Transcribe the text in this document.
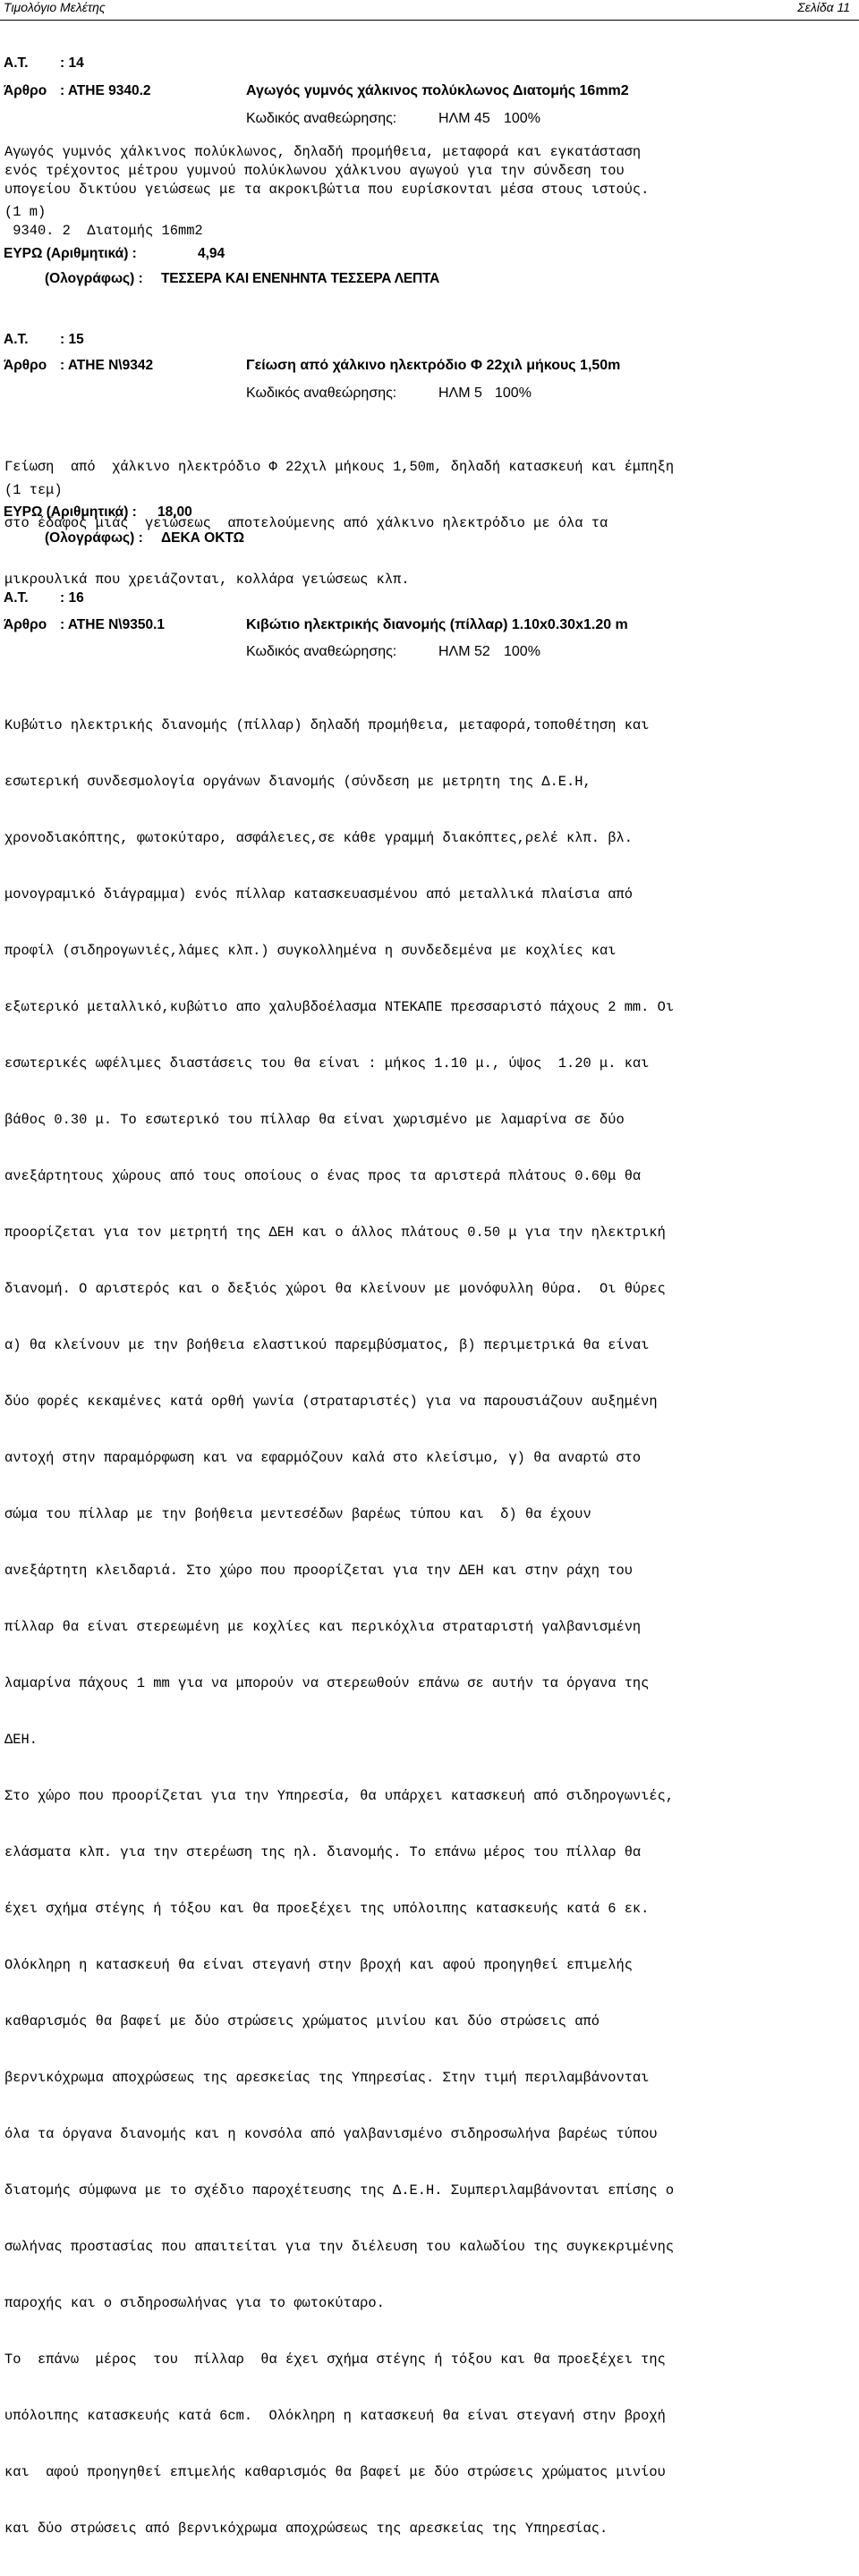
Τιμολόγιο Μελέτης	Σελίδα 11
Α.Τ. : 14
Άρθρο : ΑΤΗΕ 9340.2	Αγωγός γυμνός χάλκινος πολύκλωνος Διατομής 16mm2
Κωδικός αναθεώρησης:	ΗΛΜ 45 100%
Αγωγός γυμνός χάλκινος πολύκλωνος, δηλαδή προμήθεια, μεταφορά και εγκατάσταση
ενός τρέχοντος μέτρου γυμνού πολύκλωνου χάλκινου αγωγού για την σύνδεση του
υπογείου δικτύου γειώσεως με τα ακροκιβώτια που ευρίσκονται μέσα στους ιστούς.
(1 m)
9340. 2  Διατομής 16mm2
ΕΥΡΩ (Αριθμητικά) :	4,94
(Ολογράφως) : ΤΕΣΣΕΡΑ ΚΑΙ ΕΝΕΝΗΝΤΑ ΤΕΣΣΕΡΑ ΛΕΠΤΑ
Α.Τ. : 15
Άρθρο : ΑΤΗΕ Ν\9342	Γείωση από χάλκινο ηλεκτρόδιο Φ 22χιλ μήκους 1,50m
Κωδικός αναθεώρησης:	ΗΛΜ 5 100%

Γείωση  από  χάλκινο ηλεκτρόδιο Φ 22χιλ μήκους 1,50m, δηλαδή κατασκευή και έμπηξη

στο έδαφος μιάς  γειώσεως  αποτελούμενης από χάλκινο ηλεκτρόδιο με όλα τα

μικρουλικά που χρειάζονται, κολλάρα γειώσεως κλπ.

(1 τεμ)
ΕΥΡΩ (Αριθμητικά) : 18,00
(Ολογράφως) : ΔΕΚΑ ΟΚΤΩ
Α.Τ. : 16
Άρθρο : ΑΤΗΕ Ν\9350.1	Κιβώτιο ηλεκτρικής διανομής (πίλλαρ) 1.10x0.30x1.20 m
Κωδικός αναθεώρησης:	ΗΛΜ 52 100%

Κυβώτιο ηλεκτρικής διανομής (πίλλαρ) δηλαδή προμήθεια, μεταφορά,τοποθέτηση και

εσωτερική συνδεσμολογία οργάνων διανομής (σύνδεση με μετρητη της Δ.Ε.Η,

χρονοδιακόπτης, φωτοκύταρο, ασφάλειες,σε κάθε γραμμή διακόπτες,ρελέ κλπ. βλ.

μονογραμικό διάγραμμα) ενός πίλλαρ κατασκευασμένου από μεταλλικά πλαίσια από

προφίλ (σιδηρογωνιές,λάμες κλπ.) συγκολλημένα η συνδεδεμένα με κοχλίες και

εξωτερικό μεταλλικό,κυβώτιο απο χαλυβδοέλασμα ΝΤΕΚΑΠΕ πρεσσαριστό πάχους 2 mm. Οι

εσωτερικές ωφέλιμες διαστάσεις του θα είναι : μήκος 1.10 μ., ύψος  1.20 μ. και

βάθος 0.30 μ. Το εσωτερικό του πίλλαρ θα είναι χωρισμένο με λαμαρίνα σε δύο

ανεξάρτητους χώρους από τους οποίους ο ένας προς τα αριστερά πλάτους 0.60μ θα

προορίζεται για τον μετρητή της ΔΕΗ και ο άλλος πλάτους 0.50 μ για την ηλεκτρική

διανομή. Ο αριστερός και ο δεξιός χώροι θα κλείνουν με μονόφυλλη θύρα.  Οι θύρες

α) θα κλείνουν με την βοήθεια ελαστικού παρεμβύσματος, β) περιμετρικά θα είναι

δύο φορές κεκαμένες κατά ορθή γωνία (στραταριστές) για να παρουσιάζουν αυξημένη

αντοχή στην παραμόρφωση και να εφαρμόζουν καλά στο κλείσιμο, γ) θα αναρτώ στο

σώμα του πίλλαρ με την βοήθεια μεντεσέδων βαρέως τύπου και  δ) θα έχουν

ανεξάρτητη κλειδαριά. Στο χώρο που προορίζεται για την ΔΕΗ και στην ράχη του

πίλλαρ θα είναι στερεωμένη με κοχλίες και περικόχλια στραταριστή γαλβανισμένη

λαμαρίνα πάχους 1 mm για να μπορούν να στερεωθούν επάνω σε αυτήν τα όργανα της

ΔΕΗ.

Στο χώρο που προορίζεται για την Υπηρεσία, θα υπάρχει κατασκευή από σιδηρογωνιές,

ελάσματα κλπ. για την στερέωση της ηλ. διανομής. Το επάνω μέρος του πίλλαρ θα

έχει σχήμα στέγης ή τόξου και θα προεξέχει της υπόλοιπης κατασκευής κατά 6 εκ.

Ολόκληρη η κατασκευή θα είναι στεγανή στην βροχή και αφού προηγηθεί επιμελής

καθαρισμός θα βαφεί με δύο στρώσεις χρώματος μινίου και δύο στρώσεις από

βερνικόχρωμα αποχρώσεως της αρεσκείας της Υπηρεσίας. Στην τιμή περιλαμβάνονται

όλα τα όργανα διανομής και η κονσόλα από γαλβανισμένο σιδηροσωλήνα βαρέως τύπου

διατομής σύμφωνα με το σχέδιο παροχέτευσης της Δ.Ε.Η. Συμπεριλαμβάνονται επίσης ο

σωλήνας προστασίας που απαιτείται για την διέλευση του καλωδίου της συγκεκριμένης

παροχής και ο σιδηροσωλήνας για το φωτοκύταρο.

Το  επάνω  μέρος  του  πίλλαρ  θα έχει σχήμα στέγης ή τόξου και θα προεξέχει της

υπόλοιπης κατασκευής κατά 6cm.  Ολόκληρη η κατασκευή θα είναι στεγανή στην βροχή

και  αφού προηγηθεί επιμελής καθαρισμός θα βαφεί με δύο στρώσεις χρώματος μινίου

και δύο στρώσεις από βερνικόχρωμα αποχρώσεως της αρεσκείας της Υπηρεσίας.
